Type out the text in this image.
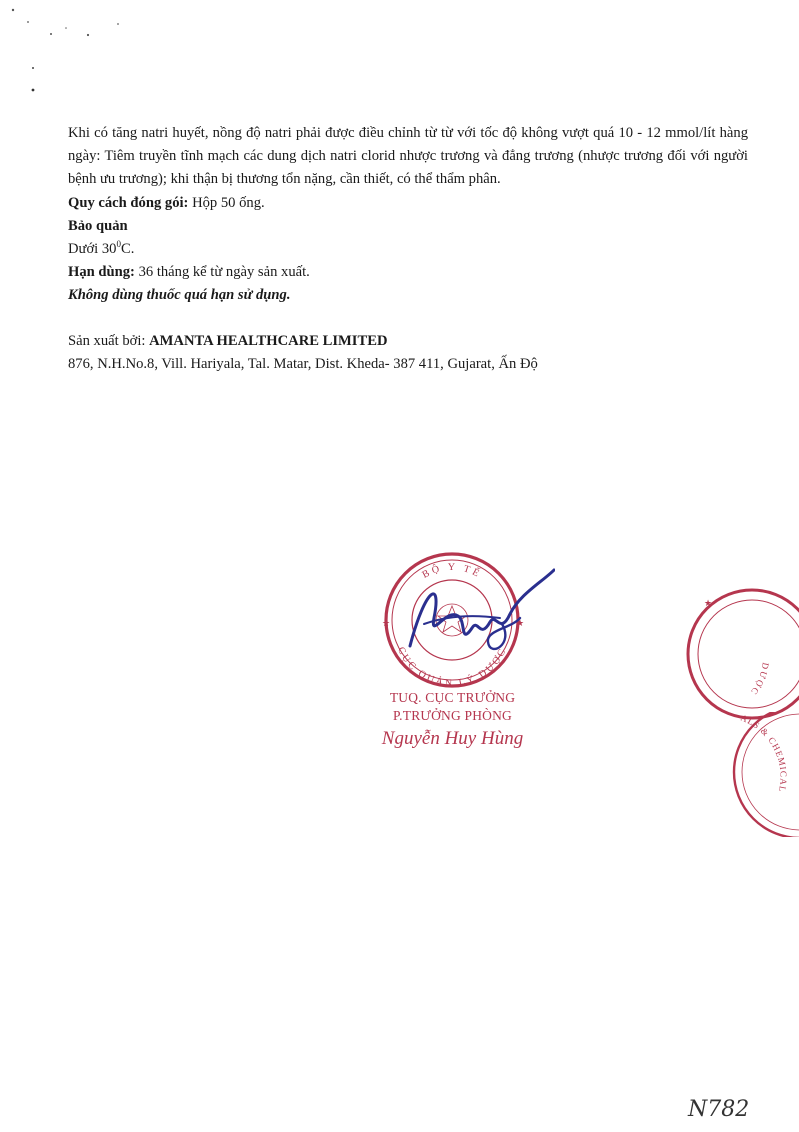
Khi có tăng natri huyết, nồng độ natri phải được điều chỉnh từ từ với tốc độ không vượt quá 10 - 12 mmol/lít hàng ngày: Tiêm truyền tĩnh mạch các dung dịch natri clorid nhược trương và đẳng trương (nhược trương đối với người bệnh ưu trương); khi thận bị thương tổn nặng, cần thiết, có thể thẩm phân.

Quy cách đóng gói: Hộp 50 ống.

Bảo quản

Dưới $30^0C$.

Hạn dùng: 36 tháng kể từ ngày sản xuất.

Không dùng thuốc quá hạn sử dụng.

Sản xuất bởi: AMANTA HEALTHCARE LIMITED

876, N.H.No.8, Vill. Hariyala, Tal. Matar, Dist. Kheda- 387 411, Gujarat, Ấn Độ

BỘ Y TẾ
CỤC QUẢN LÝ DƯỢC
★	★
TUQ. CỤC TRƯỞNG
P.TRƯỞNG PHÒNG
Nguyễn Huy Hùng
DƯỢC
★
ALS & CHEMICAL
N782
